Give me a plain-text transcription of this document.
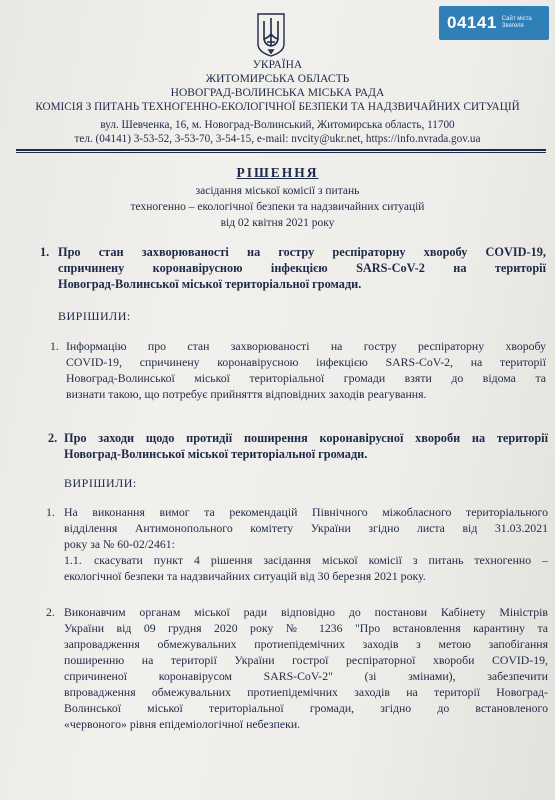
04141 Сайт міста
Звягеля
УКРАЇНА
ЖИТОМИРСЬКА ОБЛАСТЬ
НОВОГРАД-ВОЛИНСЬКА МІСЬКА РАДА
КОМІСІЯ З ПИТАНЬ ТЕХНОГЕННО-ЕКОЛОГІЧНОЇ БЕЗПЕКИ ТА НАДЗВИЧАЙНИХ СИТУАЦІЙ
вул. Шевченка, 16, м. Новоград-Волинський, Житомирська область, 11700
тел. (04141) 3-53-52, 3-53-70, 3-54-15, e-mail: nvcity@ukr.net, https://info.nvrada.gov.ua
РІШЕННЯ
засідання міської комісії з питань
техногенно – екологічної безпеки та надзвичайних ситуацій
від 02 квітня 2021 року
1. Про стан захворюваності на гостру респіраторну хворобу COVID-19,
спричинену коронавірусною інфекцією SARS-CoV-2 на території
Новоград-Волинської міської територіальної громади.
ВИРІШИЛИ:
1. Інформацію про стан захворюваності на гостру респіраторну хворобу
COVID-19, спричинену коронавірусною інфекцією SARS-CoV-2, на території
Новоград-Волинської міської територіальної громади взяти до відома та
визнати такою, що потребує прийняття відповідних заходів реагування.
2. Про заходи щодо протидії поширення коронавірусної хвороби на території
Новоград-Волинської міської територіальної громади.
ВИРІШИЛИ:
1. На виконання вимог та рекомендацій Північного міжобласного територіального
відділення Антимонопольного комітету України згідно листа від 31.03.2021
року за № 60-02/2461:
1.1. скасувати пункт 4 рішення засідання міської комісії з питань техногенно –
екологічної безпеки та надзвичайних ситуацій від 30 березня 2021 року.
2. Виконавчим органам міської ради відповідно до постанови Кабінету Міністрів
України від 09 грудня 2020 року № 1236 "Про встановлення карантину та
запровадження обмежувальних протиепідемічних заходів з метою запобігання
поширенню на території України гострої респіраторної хвороби COVID-19,
спричиненої коронавірусом SARS-CoV-2" (зі змінами), забезпечити
впровадження обмежувальних протиепідемічних заходів на території Новоград-
Волинської міської територіальної громади, згідно до встановленого
«червоного» рівня епідеміологічної небезпеки.
